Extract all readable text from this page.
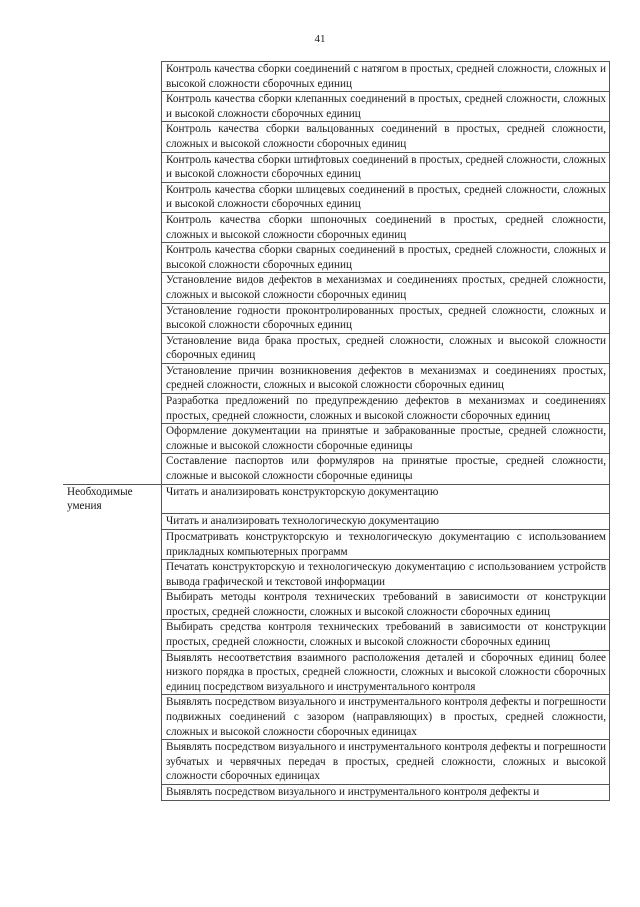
41
	Контроль качества сборки соединений с натягом в простых, средней сложности, сложных и высокой сложности сборочных единиц
	Контроль качества сборки клепанных соединений в простых, средней сложности, сложных и высокой сложности сборочных единиц
	Контроль качества сборки вальцованных соединений в простых, средней сложности, сложных и высокой сложности сборочных единиц
	Контроль качества сборки штифтовых соединений в простых, средней сложности, сложных и высокой сложности сборочных единиц
	Контроль качества сборки шлицевых соединений в простых, средней сложности, сложных и высокой сложности сборочных единиц
	Контроль качества сборки шпоночных соединений в простых, средней сложности, сложных и высокой сложности сборочных единиц
	Контроль качества сборки сварных соединений в простых, средней сложности, сложных и высокой сложности сборочных единиц
	Установление видов дефектов в механизмах и соединениях простых, средней сложности, сложных и высокой сложности сборочных единиц
	Установление годности проконтролированных простых, средней сложности, сложных и высокой сложности сборочных единиц
	Установление вида брака простых, средней сложности, сложных и высокой сложности сборочных единиц
	Установление причин возникновения дефектов в механизмах и соединениях простых, средней сложности, сложных и высокой сложности сборочных единиц
	Разработка предложений по предупреждению дефектов в механизмах и соединениях простых, средней сложности, сложных и высокой сложности сборочных единиц
	Оформление документации на принятые и забракованные простые, средней сложности, сложные и высокой сложности сборочные единицы
	Составление паспортов или формуляров на принятые простые, средней сложности, сложные и высокой сложности сборочные единицы
Необходимые умения	Читать и анализировать конструкторскую документацию
	Читать и анализировать технологическую документацию
	Просматривать конструкторскую и технологическую документацию с использованием прикладных компьютерных программ
	Печатать конструкторскую и технологическую документацию с использованием устройств вывода графической и текстовой информации
	Выбирать методы контроля технических требований в зависимости от конструкции простых, средней сложности, сложных и высокой сложности сборочных единиц
	Выбирать средства контроля технических требований в зависимости от конструкции простых, средней сложности, сложных и высокой сложности сборочных единиц
	Выявлять несоответствия взаимного расположения деталей и сборочных единиц более низкого порядка в простых, средней сложности, сложных и высокой сложности сборочных единиц посредством визуального и инструментального контроля
	Выявлять посредством визуального и инструментального контроля дефекты и погрешности подвижных соединений с зазором (направляющих) в простых, средней сложности, сложных и высокой сложности сборочных единицах
	Выявлять посредством визуального и инструментального контроля дефекты и погрешности зубчатых и червячных передач в простых, средней сложности, сложных и высокой сложности сборочных единицах
	Выявлять посредством визуального и инструментального контроля дефекты и
